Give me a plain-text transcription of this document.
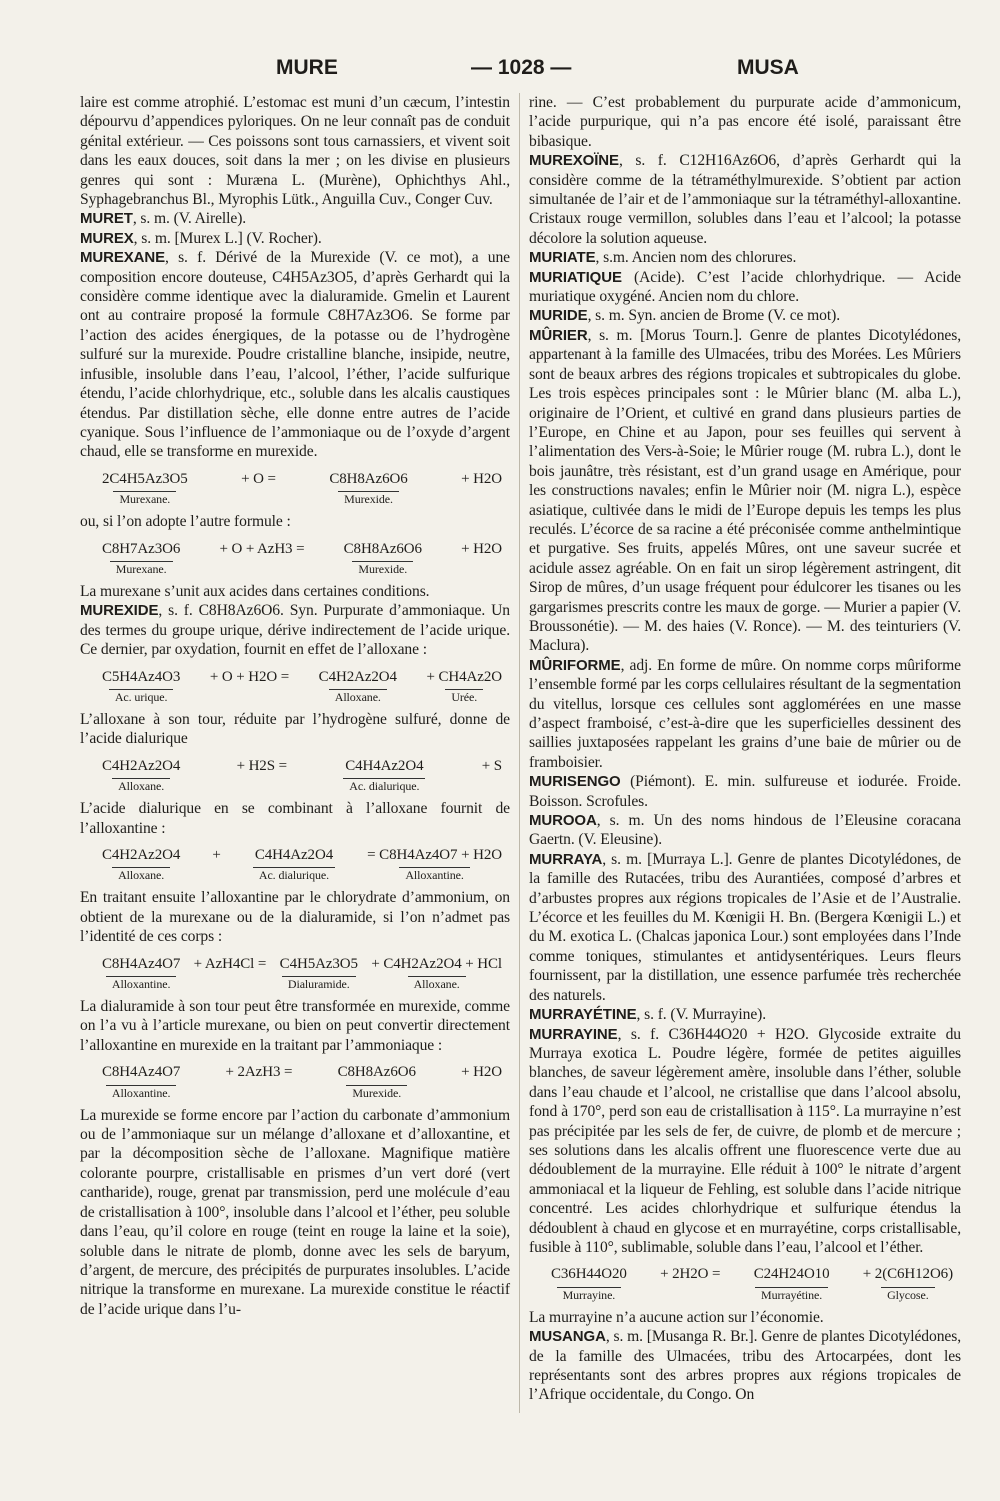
MURE	— 1028 —	MUSA

laire est comme atrophié. L’estomac est muni d’un cæcum, l’intestin dépourvu d’appendices pyloriques. On ne leur connaît pas de conduit génital extérieur. — Ces poissons sont tous carnassiers, et vivent soit dans les eaux douces, soit dans la mer ; on les divise en plusieurs genres qui sont : Muræna L. (Murène), Ophichthys Ahl., Syphagebranchus Bl., Myrophis Lütk., Anguilla Cuv., Conger Cuv.

MURET, s. m. (V. Airelle).

MUREX, s. m. [Murex L.] (V. Rocher).

MUREXANE, s. f. Dérivé de la Murexide (V. ce mot), a une composition encore douteuse, C4H5Az3O5, d’après Gerhardt qui la considère comme identique avec la dialuramide. Gmelin et Laurent ont au contraire proposé la formule C8H7Az3O6. Se forme par l’action des acides énergiques, de la potasse ou de l’hydrogène sulfuré sur la murexide. Poudre cristalline blanche, insipide, neutre, infusible, insoluble dans l’eau, l’alcool, l’éther, l’acide sulfurique étendu, l’acide chlorhydrique, etc., soluble dans les alcalis caustiques étendus. Par distillation sèche, elle donne entre autres de l’acide cyanique. Sous l’influence de l’ammoniaque ou de l’oxyde d’argent chaud, elle se transforme en murexide.

2C4H5Az3O5
Murexane.
+ O =	C8H8Az6O6
Murexide.
+ H2O

ou, si l’on adopte l’autre formule :

C8H7Az3O6
Murexane.
+ O + AzH3 =	C8H8Az6O6
Murexide.
+ H2O

La murexane s’unit aux acides dans certaines conditions.

MUREXIDE, s. f. C8H8Az6O6. Syn. Purpurate d’ammoniaque. Un des termes du groupe urique, dérive indirectement de l’acide urique. Ce dernier, par oxydation, fournit en effet de l’alloxane :

C5H4Az4O3
Ac. urique.
+ O + H2O = C4H2Az2O4
Alloxane.
+ CH4Az2O
Urée.

L’alloxane à son tour, réduite par l’hydrogène sulfuré, donne de l’acide dialurique

C4H2Az2O4
Alloxane.
+ H2S =	C4H4Az2O4
Ac. dialurique.
+ S

L’acide dialurique en se combinant à l’alloxane fournit de l’alloxantine :

C4H2Az2O4
Alloxane.
+ C4H4Az2O4
Ac. dialurique.
= C8H4Az4O7 + H2O
Alloxantine.

En traitant ensuite l’alloxantine par le chlorydrate d’ammonium, on obtient de la murexane ou de la dialuramide, si l’on n’admet pas l’identité de ces corps :

C8H4Az4O7
Alloxantine.
+ AzH4Cl = C4H5Az3O5
Dialuramide.
+ C4H2Az2O4 + HCl
Alloxane.

La dialuramide à son tour peut être transformée en murexide, comme on l’a vu à l’article murexane, ou bien on peut convertir directement l’alloxantine en murexide en la traitant par l’ammoniaque :

C8H4Az4O7
Alloxantine.
+ 2AzH3 =	C8H8Az6O6
Murexide.
+ H2O

La murexide se forme encore par l’action du carbonate d’ammonium ou de l’ammoniaque sur un mélange d’alloxane et d’alloxantine, et par la décomposition sèche de l’alloxane. Magnifique matière colorante pourpre, cristallisable en prismes d’un vert doré (vert cantharide), rouge, grenat par transmission, perd une molécule d’eau de cristallisation à 100°, insoluble dans l’alcool et l’éther, peu soluble dans l’eau, qu’il colore en rouge (teint en rouge la laine et la soie), soluble dans le nitrate de plomb, donne avec les sels de baryum, d’argent, de mercure, des précipités de purpurates insolubles. L’acide nitrique la transforme en murexane. La murexide constitue le réactif de l’acide urique dans l’u-

rine. — C’est probablement du purpurate acide d’ammonicum, l’acide purpurique, qui n’a pas encore été isolé, paraissant être bibasique.

MUREXOÏNE, s. f. C12H16Az6O6, d’après Gerhardt qui la considère comme de la tétraméthylmurexide. S’obtient par action simultanée de l’air et de l’ammoniaque sur la tétraméthyl-alloxantine. Cristaux rouge vermillon, solubles dans l’eau et l’alcool; la potasse décolore la solution aqueuse.

MURIATE, s.m. Ancien nom des chlorures.

MURIATIQUE (Acide). C’est l’acide chlorhydrique. — Acide muriatique oxygéné. Ancien nom du chlore.

MURIDE, s. m. Syn. ancien de Brome (V. ce mot).

MÛRIER, s. m. [Morus Tourn.]. Genre de plantes Dicotylédones, appartenant à la famille des Ulmacées, tribu des Morées. Les Mûriers sont de beaux arbres des régions tropicales et subtropicales du globe. Les trois espèces principales sont : le Mûrier blanc (M. alba L.), originaire de l’Orient, et cultivé en grand dans plusieurs parties de l’Europe, en Chine et au Japon, pour ses feuilles qui servent à l’alimentation des Vers-à-Soie; le Mûrier rouge (M. rubra L.), dont le bois jaunâtre, très résistant, est d’un grand usage en Amérique, pour les constructions navales; enfin le Mûrier noir (M. nigra L.), espèce asiatique, cultivée dans le midi de l’Europe depuis les temps les plus reculés. L’écorce de sa racine a été préconisée comme anthelmintique et purgative. Ses fruits, appelés Mûres, ont une saveur sucrée et acidule assez agréable. On en fait un sirop légèrement astringent, dit Sirop de mûres, d’un usage fréquent pour édulcorer les tisanes ou les gargarismes prescrits contre les maux de gorge. — Murier a papier (V. Broussonétie). — M. des haies (V. Ronce). — M. des teinturiers (V. Maclura).

MÛRIFORME, adj. En forme de mûre. On nomme corps mûriforme l’ensemble formé par les corps cellulaires résultant de la segmentation du vitellus, lorsque ces cellules sont agglomérées en une masse d’aspect framboisé, c’est-à-dire que les superficielles dessinent des saillies juxtaposées rappelant les grains d’une baie de mûrier ou de framboisier.

MURISENGO (Piémont). E. min. sulfureuse et iodurée. Froide. Boisson. Scrofules.

MUROOA, s. m. Un des noms hindous de l’Eleusine coracana Gaertn. (V. Eleusine).

MURRAYA, s. m. [Murraya L.]. Genre de plantes Dicotylédones, de la famille des Rutacées, tribu des Aurantiées, composé d’arbres et d’arbustes propres aux régions tropicales de l’Asie et de l’Australie. L’écorce et les feuilles du M. Kœnigii H. Bn. (Bergera Kœnigii L.) et du M. exotica L. (Chalcas japonica Lour.) sont employées dans l’Inde comme toniques, stimulantes et antidysentériques. Leurs fleurs fournissent, par la distillation, une essence parfumée très recherchée des naturels.

MURRAYÉTINE, s. f. (V. Murrayine).

MURRAYINE, s. f. C36H44O20 + H2O. Glycoside extraite du Murraya exotica L. Poudre légère, formée de petites aiguilles blanches, de saveur légèrement amère, insoluble dans l’éther, soluble dans l’eau chaude et l’alcool, ne cristallise que dans l’alcool absolu, fond à 170°, perd son eau de cristallisation à 115°. La murrayine n’est pas précipitée par les sels de fer, de cuivre, de plomb et de mercure ; ses solutions dans les alcalis offrent une fluorescence verte due au dédoublement de la murrayine. Elle réduit à 100° le nitrate d’argent ammoniacal et la liqueur de Fehling, est soluble dans l’acide nitrique concentré. Les acides chlorhydrique et sulfurique étendus la dédoublent à chaud en glycose et en murrayétine, corps cristallisable, fusible à 110°, sublimable, soluble dans l’eau, l’alcool et l’éther.

C36H44O20
Murrayine.
+ 2H2O = C24H24O10
Murrayétine.
+ 2(C6H12O6)
Glycose.

La murrayine n’a aucune action sur l’économie.

MUSANGA, s. m. [Musanga R. Br.]. Genre de plantes Dicotylédones, de la famille des Ulmacées, tribu des Artocarpées, dont les représentants sont des arbres propres aux régions tropicales de l’Afrique occidentale, du Congo. On
